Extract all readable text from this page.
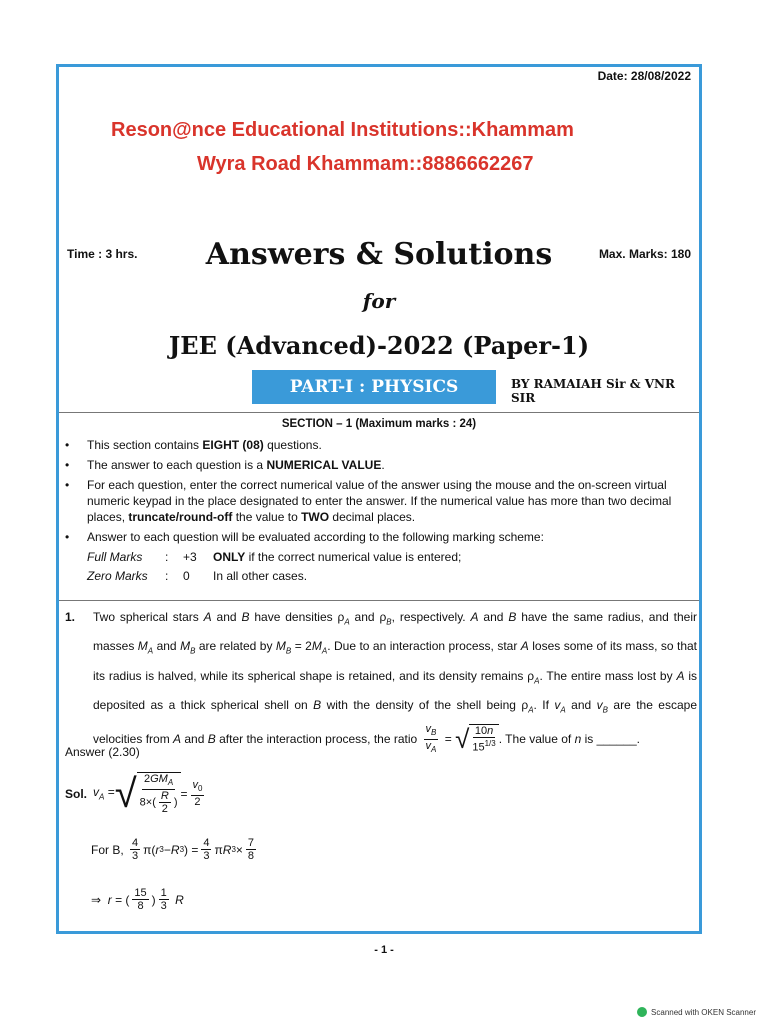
Date: 28/08/2022
Reson@nce Educational Institutions::Khammam
Wyra Road Khammam::8886662267
Time : 3 hrs.	Max. Marks: 180
Answers & Solutions
for
JEE (Advanced)-2022 (Paper-1)
PART-I : PHYSICS	BY RAMAIAH Sir & VNR SIR
SECTION – 1 (Maximum marks : 24)
•	This section contains EIGHT (08) questions.
•	The answer to each question is a NUMERICAL VALUE.
•	For each question, enter the correct numerical value of the answer using the mouse and the on-screen virtual numeric keypad in the place designated to enter the answer. If the numerical value has more than two decimal places, truncate/round-off the value to TWO decimal places.
•	Answer to each question will be evaluated according to the following marking scheme:
Full Marks	:	+3	ONLY if the correct numerical value is entered;
Zero Marks	:	0	In all other cases.
1.	Two spherical stars A and B have densities $\rho_A$ and $\rho_B$, respectively. A and B have the same radius, and their masses $M_A$ and $M_B$ are related by $M_B = 2M_A$. Due to an interaction process, star A loses some of its mass, so that its radius is halved, while its spherical shape is retained, and its density remains $\rho_A$. The entire mass lost by A is deposited as a thick spherical shell on B with the density of the shell being $\rho_A$. If $v_A$ and $v_B$ are the escape velocities from A and B after the interaction process, the ratio $\frac{v_B}{v_A}$ = √ $\frac{10n}{15^{1/3}}$ . The value of n is ______.
Answer (2.30)
Sol. $v_A$ = √ $\frac{2GM_A}{8\times( \frac{R}{2} )} = \frac{v_0}{2}$
For B,
$\frac{4}{3} \pi$( r 3 − R 3 ) = $\frac{4}{3}$ π R $3 \times \frac{7}{8}$
⇒
r = ( $\frac{15}{8}$ ) $\frac{1}{3}$
R
- 1 -
Scanned with OKEN Scanner
